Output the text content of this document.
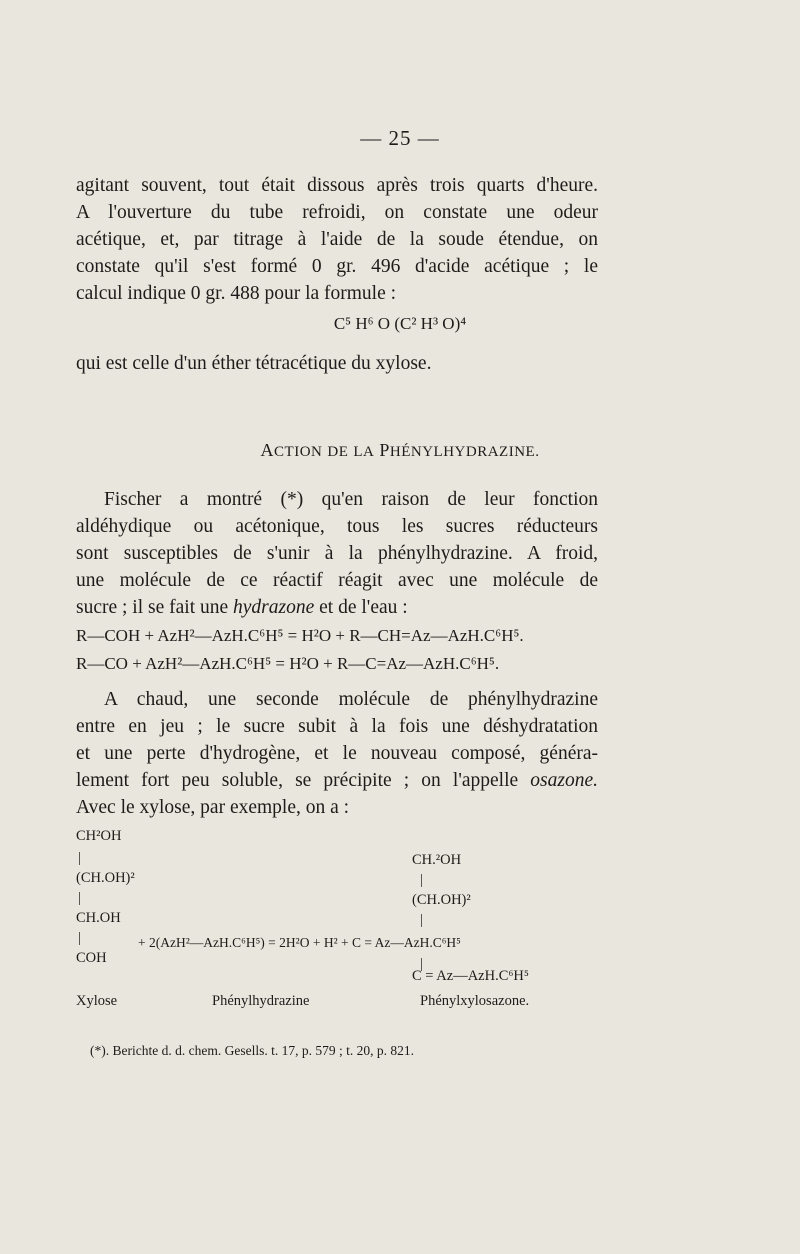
— 25 —
agitant souvent, tout était dissous après trois quarts d'heure.
A l'ouverture du tube refroidi, on constate une odeur
acétique, et, par titrage à l'aide de la soude étendue, on
constate qu'il s'est formé 0 gr. 496 d'acide acétique ; le
calcul indique 0 gr. 488 pour la formule :
C⁵ H⁶ O (C² H³ O)⁴
qui est celle d'un éther tétracétique du xylose.
ACTION DE LA PHÉNYLHYDRAZINE.
Fischer a montré (*) qu'en raison de leur fonction
aldéhydique ou acétonique, tous les sucres réducteurs
sont susceptibles de s'unir à la phénylhydrazine. A froid,
une molécule de ce réactif réagit avec une molécule de
sucre ; il se fait une hydrazone et de l'eau :
R—COH + AzH²—AzH.C⁶H⁵ = H²O + R—CH=Az—AzH.C⁶H⁵.
R—CO + AzH²—AzH.C⁶H⁵ = H²O + R—C=Az—AzH.C⁶H⁵.
A chaud, une seconde molécule de phénylhydrazine
entre en jeu ; le sucre subit à la fois une déshydratation
et une perte d'hydrogène, et le nouveau composé, généra-
lement fort peu soluble, se précipite ; on l'appelle osazone.
Avec le xylose, par exemple, on a :
CH²OH
|
(CH.OH)²
|
CH.OH
|
COH
+ 2(AzH²—AzH.C⁶H⁵) = 2H²O + H² + C = Az—AzH.C⁶H⁵
CH.²OH
|
(CH.OH)²
|
|
C = Az—AzH.C⁶H⁵
Xylose	Phénylhydrazine	Phénylxylosazone.
(*). Berichte d. d. chem. Gesells. t. 17, p. 579 ; t. 20, p. 821.
